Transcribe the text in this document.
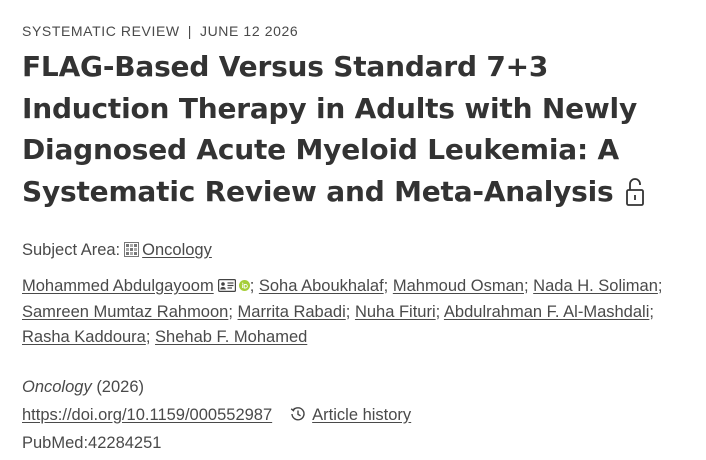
SYSTEMATIC REVIEW | JUNE 12 2026
FLAG-Based Versus Standard 7+3 Induction Therapy in Adults with Newly Diagnosed Acute Myeloid Leukemia: A Systematic Review and Meta-Analysis
Subject Area: Oncology
Mohammed Abdulgayoom ; Soha Aboukhalaf; Mahmoud Osman; Nada H. Soliman; Samreen Mumtaz Rahmoon; Marrita Rabadi; Nuha Fituri; Abdulrahman F. Al-Mashdali; Rasha Kaddoura; Shehab F. Mohamed
Oncology (2026)
https://doi.org/10.1159/000552987 Article history
PubMed:42284251
